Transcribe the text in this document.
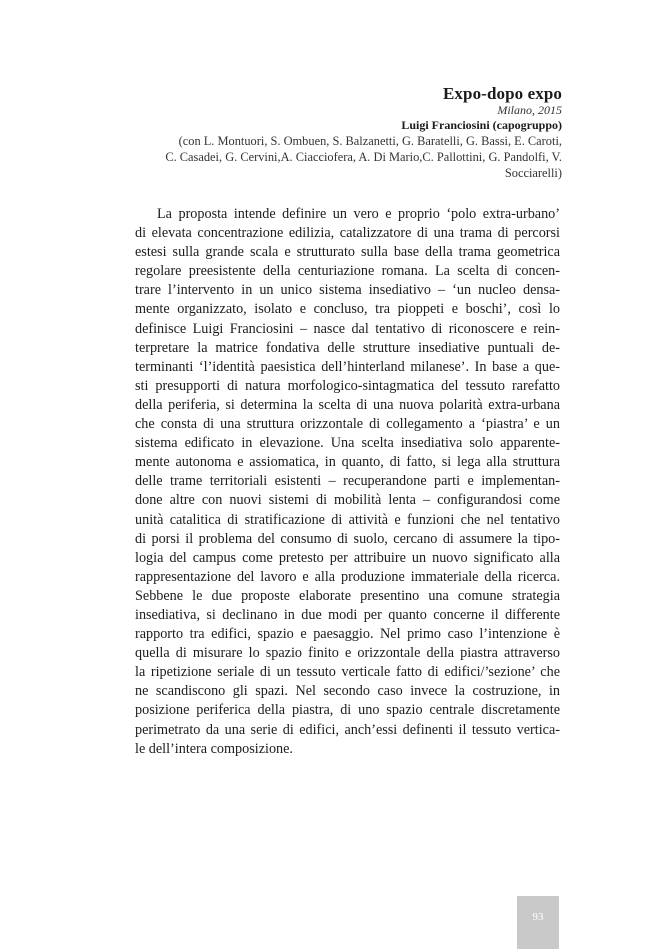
Expo-dopo expo
Milano, 2015
Luigi Franciosini (capogruppo)
(con L. Montuori, S. Ombuen, S. Balzanetti, G. Baratelli, G. Bassi, E. Caroti,
C. Casadei, G. Cervini,A. Ciacciofera, A. Di Mario,C. Pallottini, G. Pandolfi, V.
Socciarelli)
La proposta intende definire un vero e proprio ‘polo extra-urbano’
di elevata concentrazione edilizia, catalizzatore di una trama di percorsi
estesi sulla grande scala e strutturato sulla base della trama geometrica
regolare preesistente della centuriazione romana. La scelta di concen-
trare l’intervento in un unico sistema insediativo – ‘un nucleo densa-
mente organizzato, isolato e concluso, tra pioppeti e boschi’, così lo
definisce Luigi Franciosini – nasce dal tentativo di riconoscere e rein-
terpretare la matrice fondativa delle strutture insediative puntuali de-
terminanti ‘l’identità paesistica dell’hinterland milanese’. In base a que-
sti presupporti di natura morfologico-sintagmatica del tessuto rarefatto
della periferia, si determina la scelta di una nuova polarità extra-urbana
che consta di una struttura orizzontale di collegamento a ‘piastra’ e un
sistema edificato in elevazione. Una scelta insediativa solo apparente-
mente autonoma e assiomatica, in quanto, di fatto, si lega alla struttura
delle trame territoriali esistenti – recuperandone parti e implementan-
done altre con nuovi sistemi di mobilità lenta – configurandosi come
unità catalitica di stratificazione di attività e funzioni che nel tentativo
di porsi il problema del consumo di suolo, cercano di assumere la tipo-
logia del campus come pretesto per attribuire un nuovo significato alla
rappresentazione del lavoro e alla produzione immateriale della ricerca.
Sebbene le due proposte elaborate presentino una comune strategia
insediativa, si declinano in due modi per quanto concerne il differente
rapporto tra edifici, spazio e paesaggio. Nel primo caso l’intenzione è
quella di misurare lo spazio finito e orizzontale della piastra attraverso
la ripetizione seriale di un tessuto verticale fatto di edifici/’sezione’ che
ne scandiscono gli spazi. Nel secondo caso invece la costruzione, in
posizione periferica della piastra, di uno spazio centrale discretamente
perimetrato da una serie di edifici, anch’essi definenti il tessuto vertica-
le dell’intera composizione.
93
